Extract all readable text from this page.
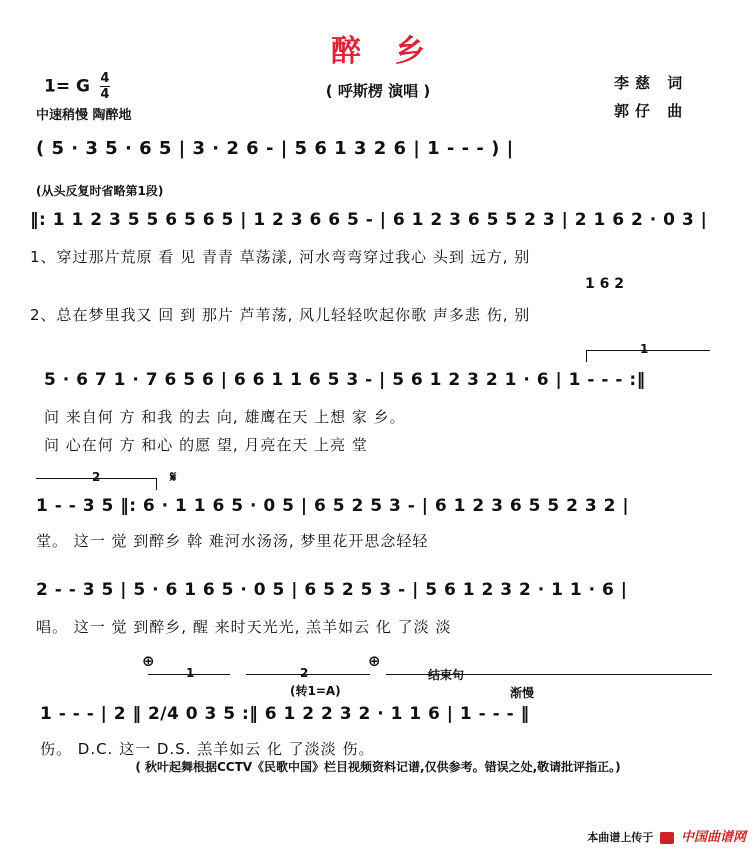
醉乡
( 呼斯楞 演唱 )
1= G $\frac{4}{4}$
中速稍慢 陶醉地
李慈 词
郭仔 曲
( 5 · 3 5 · 6 5 | 3 · 2 6 - | 5 6 1 3 2 6 | 1 - - - ) |
(从头反复时省略第1段)
1 6 2
‖: 1 1 2 3 5 5 6 5 6 5 | 1 2 3 6 6 5 - | 6 1 2 3 6 5 5 2 3 | 2 1 6 2 · 0 3 |
1、穿过那片荒原 看 见 青青 草荡漾, 河水弯弯穿过我心 头到 远方, 别
2、总在梦里我又 回 到 那片 芦苇荡, 风儿轻轻吹起你歌 声多悲 伤, 别
1
5 · 6 7 1 · 7 6 5 6 | 6 6 1 1 6 5 3 - | 5 6 1 2 3 2 1 · 6 | 1 - - - :‖
问 来自何 方 和我 的去 向, 雄鹰在天 上想 家 乡。
问 心在何 方 和心 的愿 望, 月亮在天 上亮 堂
2	𝄋
1 - - 3 5 ‖: 6 · 1 1 6 5 · 0 5 | 6 5 2 5 3 - | 6 1 2 3 6 5 5 2 3 2 |
堂。 这一 觉 到醉乡 斡 难河水汤汤, 梦里花开思念轻轻
2 - - 3 5 | 5 · 6 1 6 5 · 0 5 | 6 5 2 5 3 - | 5 6 1 2 3 2 · 1 1 · 6 |
唱。 这一 觉 到醉乡, 醒 来时天光光, 羔羊如云 化 了淡 淡
⊕	⊕
1	2
(转1=A)
结束句
渐慢
1 - - - | 2 ‖ 2/4 0 3 5 :‖ 6 1 2 2 3 2 · 1 1 6 | 1 - - - ‖
伤。 D.C. 这一 D.S. 羔羊如云 化 了淡淡 伤。
( 秋叶起舞根据CCTV《民歌中国》栏目视频资料记谱,仅供参考。错误之处,敬请批评指正。)
本曲谱上传于 中国曲谱网
